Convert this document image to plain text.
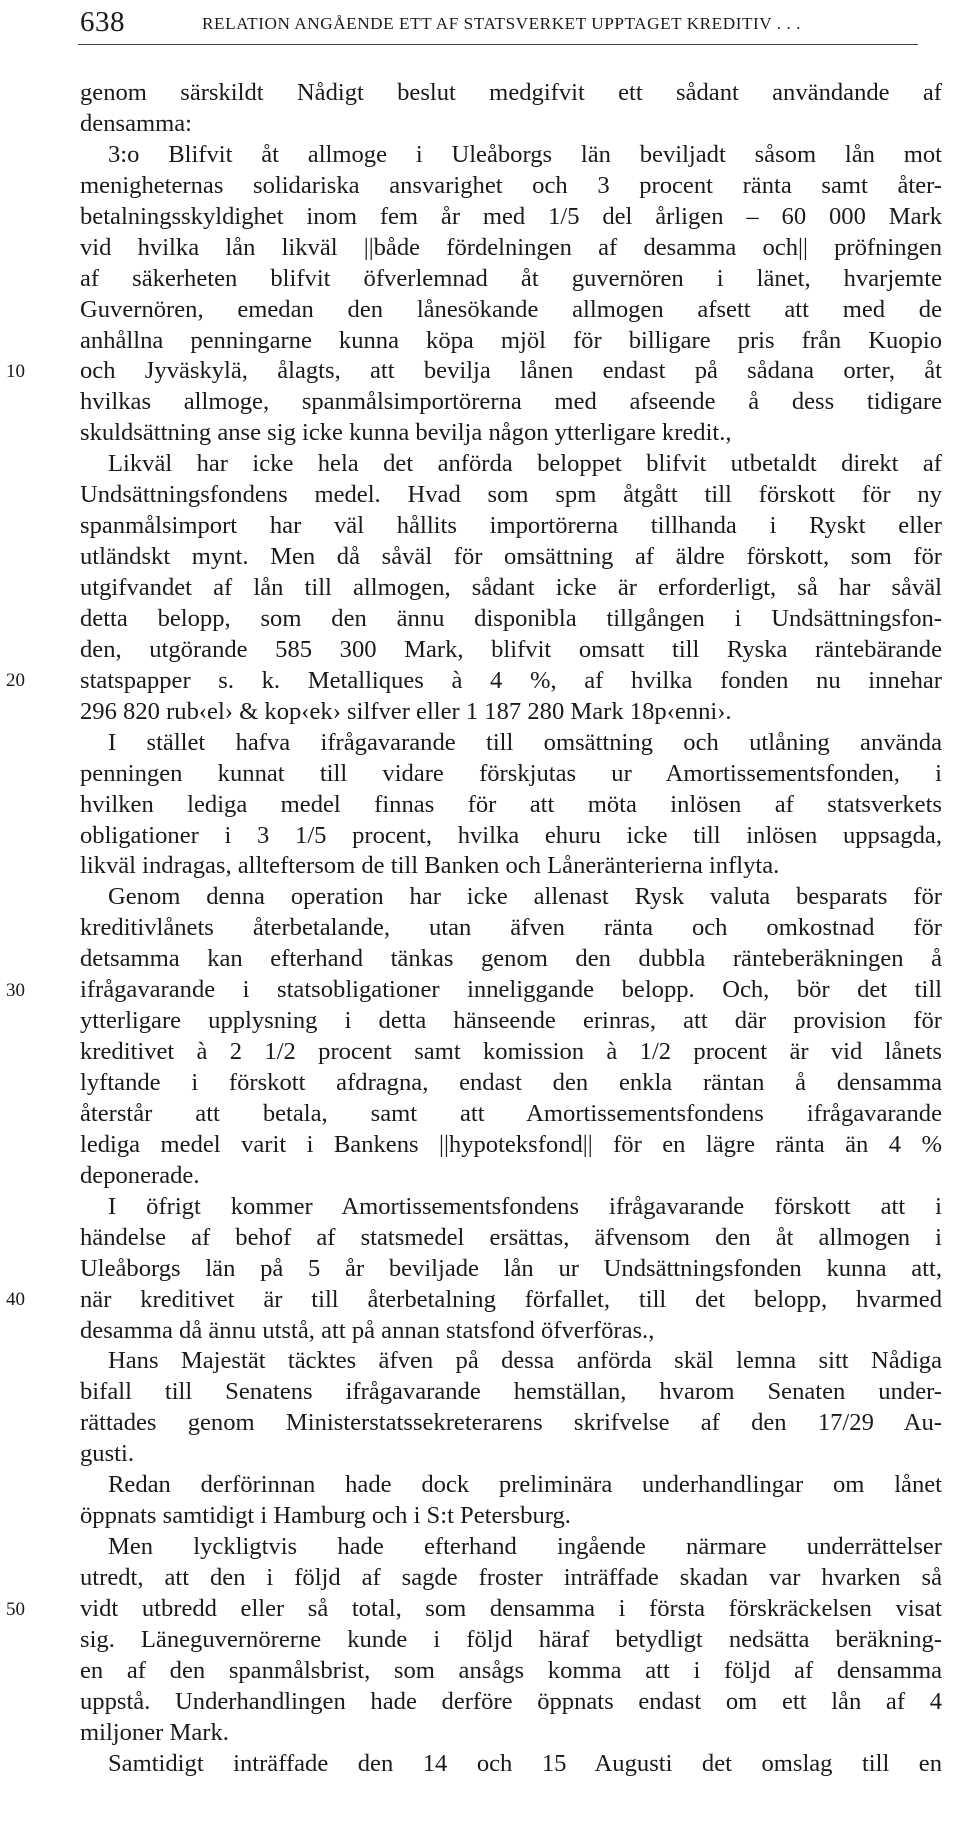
638	RELATION ANGÅENDE ETT AF STATSVERKET UPPTAGET KREDITIV . . .
10
20
30
40
50
genom särskildt Nådigt beslut medgifvit ett sådant användande af
densamma:
3:o Blifvit åt allmoge i Uleåborgs län beviljadt såsom lån mot
menigheternas solidariska ansvarighet och 3 procent ränta samt åter-
betalningsskyldighet inom fem år med 1/5 del årligen – 60 000 Mark
vid hvilka lån likväl ||både fördelningen af desamma och|| pröfningen
af säkerheten blifvit öfverlemnad åt guvernören i länet, hvarjemte
Guvernören, emedan den lånesökande allmogen afsett att med de
anhållna penningarne kunna köpa mjöl för billigare pris från Kuopio
och Jyväskylä, ålagts, att bevilja lånen endast på sådana orter, åt
hvilkas allmoge, spanmålsimportörerna med afseende å dess tidigare
skuldsättning anse sig icke kunna bevilja någon ytterligare kredit.,
Likväl har icke hela det anförda beloppet blifvit utbetaldt direkt af
Undsättningsfondens medel. Hvad som spm åtgått till förskott för ny
spanmålsimport har väl hållits importörerna tillhanda i Ryskt eller
utländskt mynt. Men då såväl för omsättning af äldre förskott, som för
utgifvandet af lån till allmogen, sådant icke är erforderligt, så har såväl
detta belopp, som den ännu disponibla tillgången i Undsättningsfon-
den, utgörande 585 300 Mark, blifvit omsatt till Ryska räntebärande
statspapper s. k. Metalliques à 4 %, af hvilka fonden nu innehar
296 820 rub‹el› & kop‹ek› silfver eller 1 187 280 Mark 18p‹enni›.
I stället hafva ifrågavarande till omsättning och utlåning använda
penningen kunnat till vidare förskjutas ur Amortissementsfonden, i
hvilken lediga medel finnas för att möta inlösen af statsverkets
obligationer i 3 1/5 procent, hvilka ehuru icke till inlösen uppsagda,
likväl indragas, allteftersom de till Banken och Låneränterierna inflyta.
Genom denna operation har icke allenast Rysk valuta besparats för
kreditivlånets återbetalande, utan äfven ränta och omkostnad för
detsamma kan efterhand tänkas genom den dubbla ränteberäkningen å
ifrågavarande i statsobligationer inneliggande belopp. Och, bör det till
ytterligare upplysning i detta hänseende erinras, att där provision för
kreditivet à 2 1/2 procent samt komission à 1/2 procent är vid lånets
lyftande i förskott afdragna, endast den enkla räntan å densamma
återstår att betala, samt att Amortissementsfondens ifrågavarande
lediga medel varit i Bankens ||hypoteksfond|| för en lägre ränta än 4 %
deponerade.
I öfrigt kommer Amortissementsfondens ifrågavarande förskott att i
händelse af behof af statsmedel ersättas, äfvensom den åt allmogen i
Uleåborgs län på 5 år beviljade lån ur Undsättningsfonden kunna att,
när kreditivet är till återbetalning förfallet, till det belopp, hvarmed
desamma då ännu utstå, att på annan statsfond öfverföras.,
Hans Majestät täcktes äfven på dessa anförda skäl lemna sitt Nådiga
bifall till Senatens ifrågavarande hemställan, hvarom Senaten under-
rättades genom Ministerstatssekreterarens skrifvelse af den 17/29 Au-
gusti.
Redan derförinnan hade dock preliminära underhandlingar om lånet
öppnats samtidigt i Hamburg och i S:t Petersburg.
Men lyckligtvis hade efterhand ingående närmare underrättelser
utredt, att den i följd af sagde froster inträffade skadan var hvarken så
vidt utbredd eller så total, som densamma i första förskräckelsen visat
sig. Läneguvernörerne kunde i följd häraf betydligt nedsätta beräkning-
en af den spanmålsbrist, som ansågs komma att i följd af densamma
uppstå. Underhandlingen hade derföre öppnats endast om ett lån af 4
miljoner Mark.
Samtidigt inträffade den 14 och 15 Augusti det omslag till en
